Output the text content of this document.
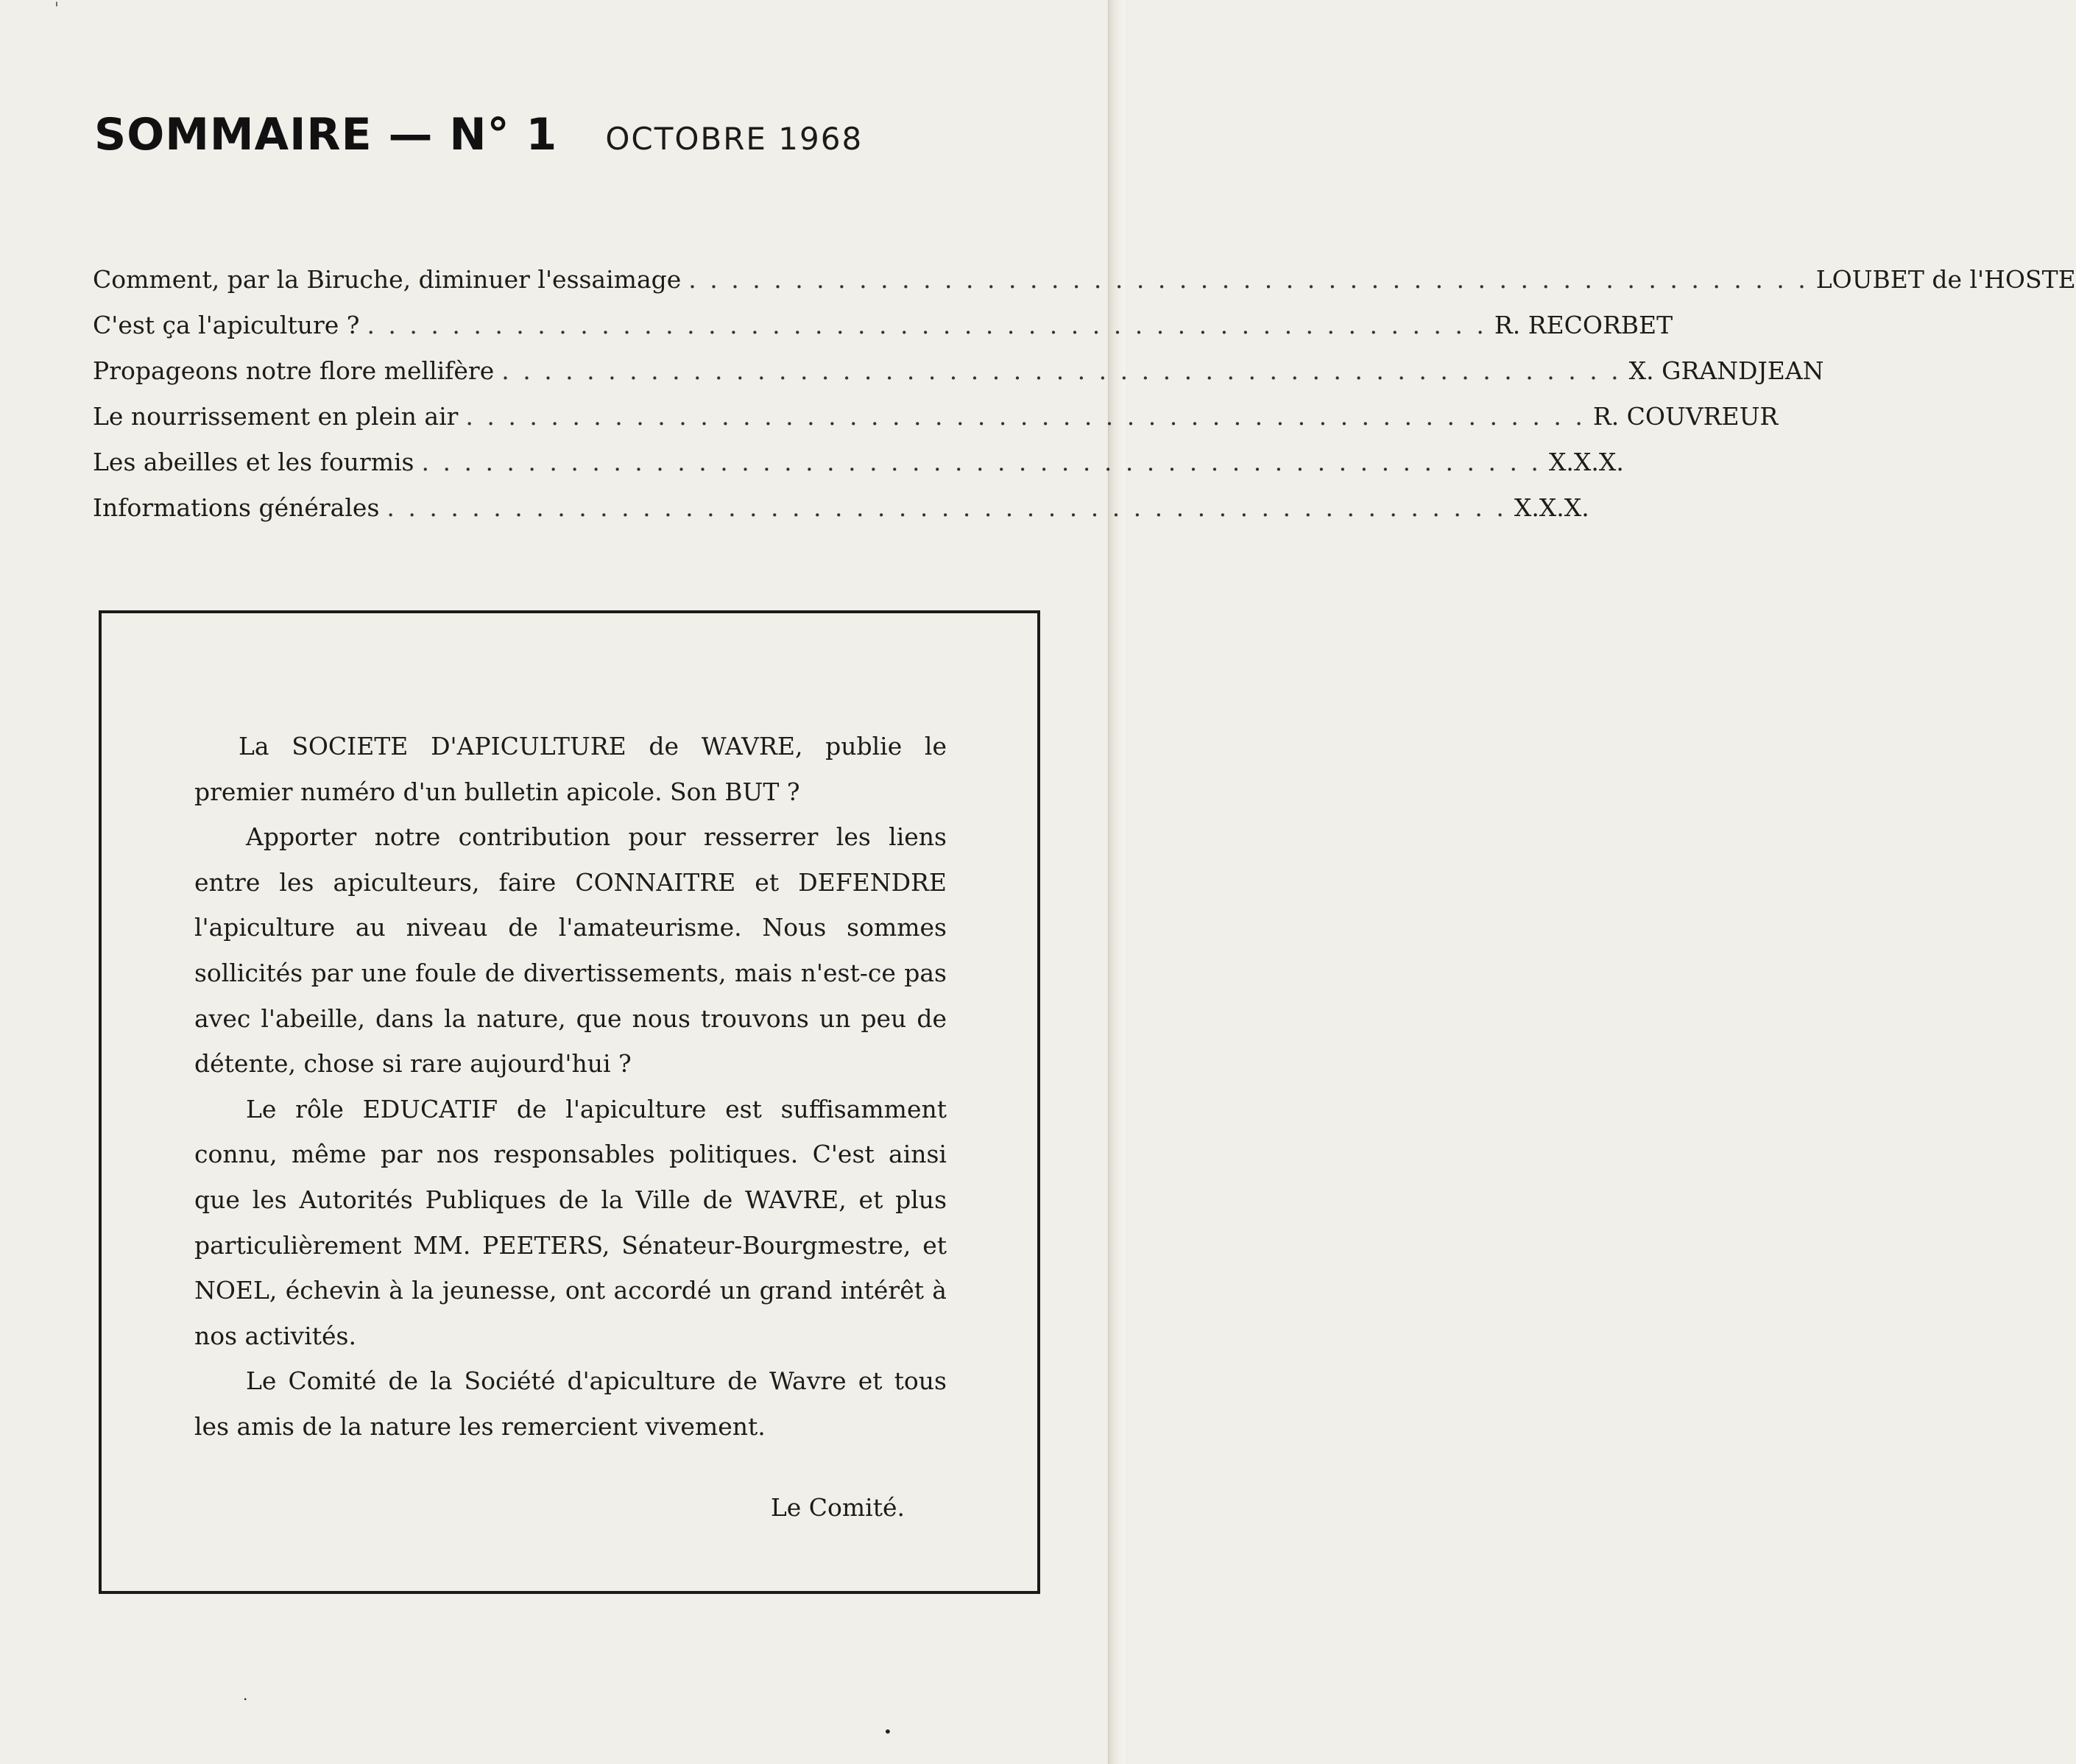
'
SOMMAIRE — N° 1 OCTOBRE 1968
Comment, par la Biruche, diminuer l'essaimage . . . . . . . . . . . . . . . . . . . . . . . . . . . . . . . . . . . . . . . . . . . . . . . . . . . . . LOUBET de l'HOSTE
C'est ça l'apiculture ? . . . . . . . . . . . . . . . . . . . . . . . . . . . . . . . . . . . . . . . . . . . . . . . . . . . . . R. RECORBET
Propageons notre flore mellifère . . . . . . . . . . . . . . . . . . . . . . . . . . . . . . . . . . . . . . . . . . . . . . . . . . . . . X. GRANDJEAN
Le nourrissement en plein air . . . . . . . . . . . . . . . . . . . . . . . . . . . . . . . . . . . . . . . . . . . . . . . . . . . . . R. COUVREUR
Les abeilles et les fourmis . . . . . . . . . . . . . . . . . . . . . . . . . . . . . . . . . . . . . . . . . . . . . . . . . . . . . X.X.X.
Informations générales . . . . . . . . . . . . . . . . . . . . . . . . . . . . . . . . . . . . . . . . . . . . . . . . . . . . . X.X.X.

La SOCIETE D'APICULTURE de WAVRE, publie le premier numéro d'un bulletin apicole. Son BUT ?

Apporter notre contribution pour resserrer les liens entre les apiculteurs, faire CONNAITRE et DEFENDRE l'apiculture au niveau de l'amateurisme. Nous sommes sollicités par une foule de divertissements, mais n'est-ce pas avec l'abeille, dans la nature, que nous trouvons un peu de détente, chose si rare aujourd'hui ?

Le rôle EDUCATIF de l'apiculture est suffisamment connu, même par nos responsables politiques. C'est ainsi que les Autorités Publiques de la Ville de WAVRE, et plus particulièrement MM. PEETERS, Sénateur-Bourgmestre, et NOEL, échevin à la jeunesse, ont accordé un grand intérêt à nos activités.

Le Comité de la Société d'apiculture de Wavre et tous les amis de la nature les remercient vivement.

Le Comité.
.
•
